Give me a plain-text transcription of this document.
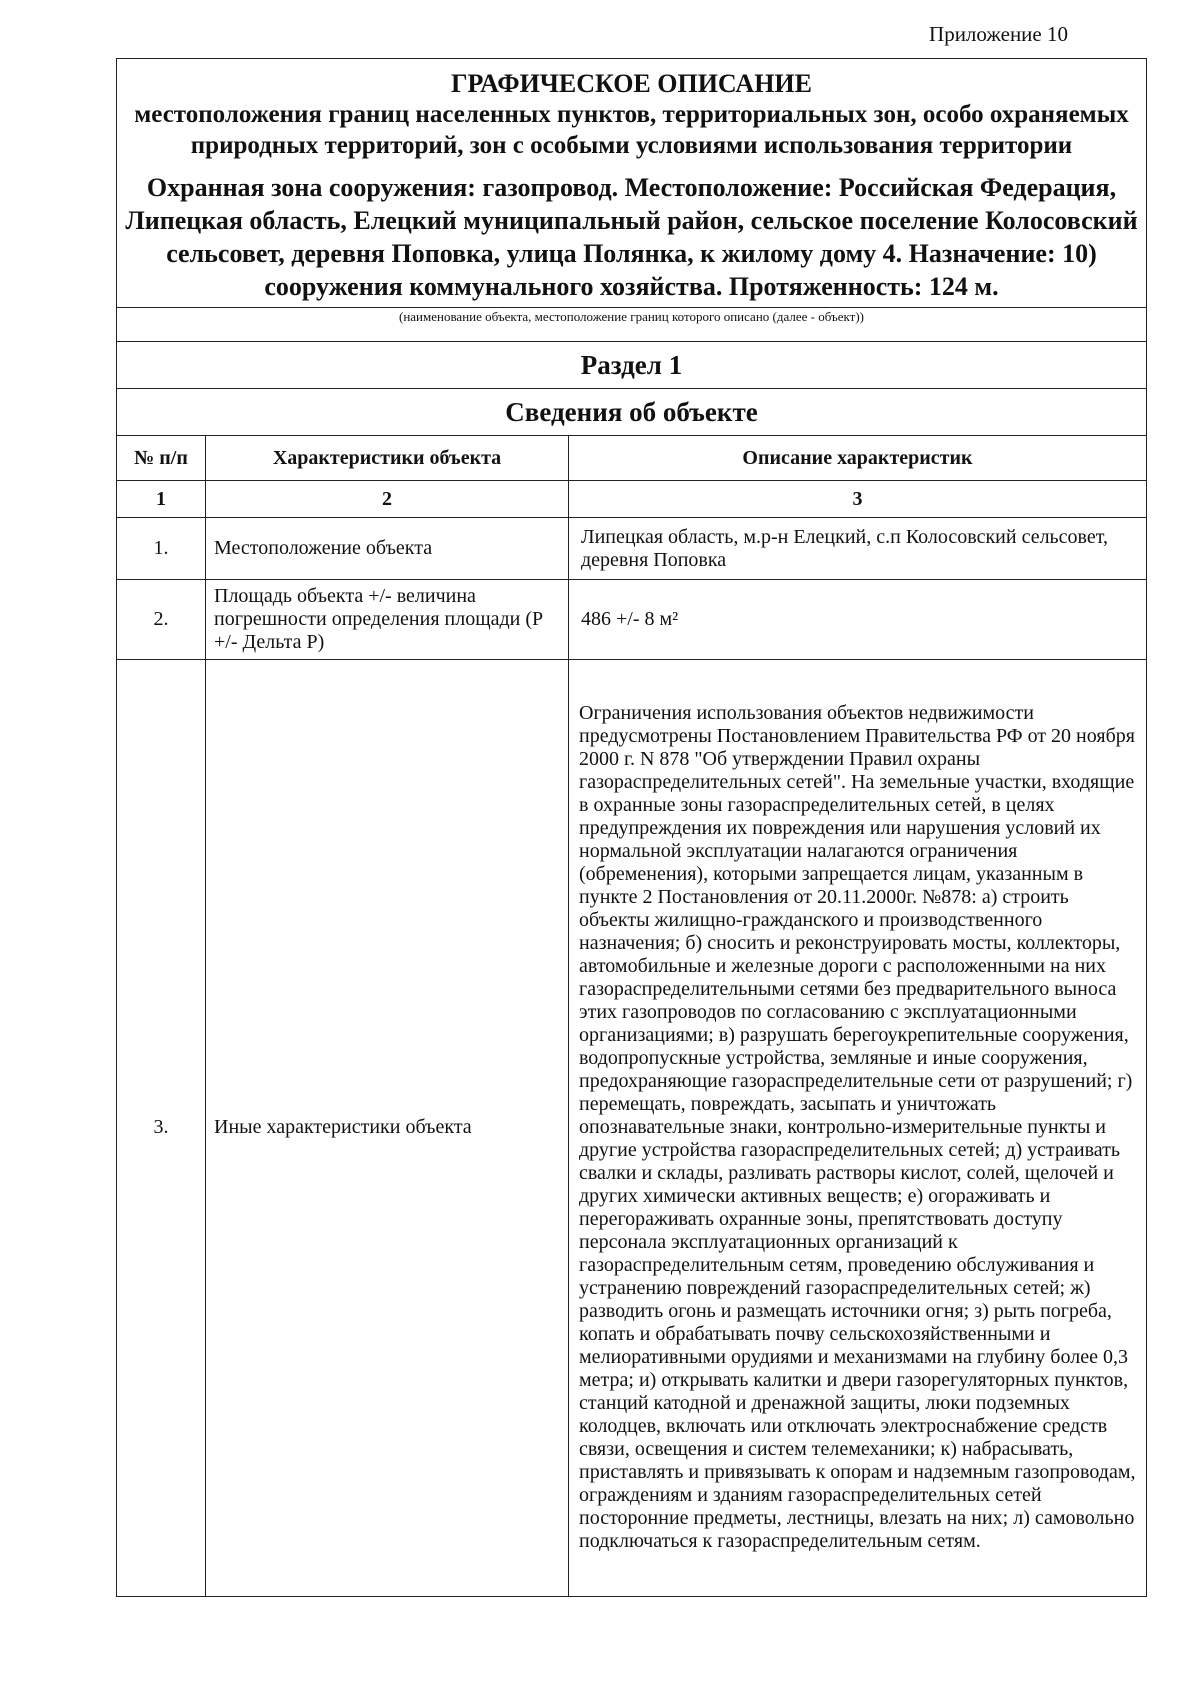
Приложение 10
ГРАФИЧЕСКОЕ ОПИСАНИЕ
местоположения границ населенных пунктов, территориальных зон, особо охраняемых природных территорий, зон с особыми условиями использования территории
Охранная зона сооружения: газопровод. Местоположение: Российская Федерация, Липецкая область, Елецкий муниципальный район, сельское поселение Колосовский сельсовет, деревня Поповка, улица Полянка, к жилому дому 4. Назначение: 10) сооружения коммунального хозяйства. Протяженность: 124 м.
(наименование объекта, местоположение границ которого описано (далее - объект))
Раздел 1
Сведения об объекте
№ п/п	Характеристики объекта	Описание характеристик
1	2	3
1.	Местоположение объекта	Липецкая область, м.р-н Елецкий, с.п Колосовский сельсовет, деревня Поповка
2.	Площадь объекта +/- величина погрешности определения площади (Р +/- Дельта Р)	486 +/- 8 м²
3.	Иные характеристики объекта	Ограничения использования объектов недвижимости предусмотрены Постановлением Правительства РФ от 20 ноября 2000 г. N 878 "Об утверждении Правил охраны газораспределительных сетей". На земельные участки, входящие в охранные зоны газораспределительных сетей, в целях предупреждения их повреждения или нарушения условий их нормальной эксплуатации налагаются ограничения (обременения), которыми запрещается лицам, указанным в пункте 2 Постановления от 20.11.2000г. №878: а) строить объекты жилищно-гражданского и производственного назначения; б) сносить и реконструировать мосты, коллекторы, автомобильные и железные дороги с расположенными на них газораспределительными сетями без предварительного выноса этих газопроводов по согласованию с эксплуатационными организациями; в) разрушать берегоукрепительные сооружения, водопропускные устройства, земляные и иные сооружения, предохраняющие газораспределительные сети от разрушений; г) перемещать, повреждать, засыпать и уничтожать опознавательные знаки, контрольно-измерительные пункты и другие устройства газораспределительных сетей; д) устраивать свалки и склады, разливать растворы кислот, солей, щелочей и других химически активных веществ; е) огораживать и перегораживать охранные зоны, препятствовать доступу персонала эксплуатационных организаций к газораспределительным сетям, проведению обслуживания и устранению повреждений газораспределительных сетей; ж) разводить огонь и размещать источники огня; з) рыть погреба, копать и обрабатывать почву сельскохозяйственными и мелиоративными орудиями и механизмами на глубину более 0,3 метра; и) открывать калитки и двери газорегуляторных пунктов, станций катодной и дренажной защиты, люки подземных колодцев, включать или отключать электроснабжение средств связи, освещения и систем телемеханики; к) набрасывать, приставлять и привязывать к опорам и надземным газопроводам, ограждениям и зданиям газораспределительных сетей посторонние предметы, лестницы, влезать на них; л) самовольно подключаться к газораспределительным сетям.
